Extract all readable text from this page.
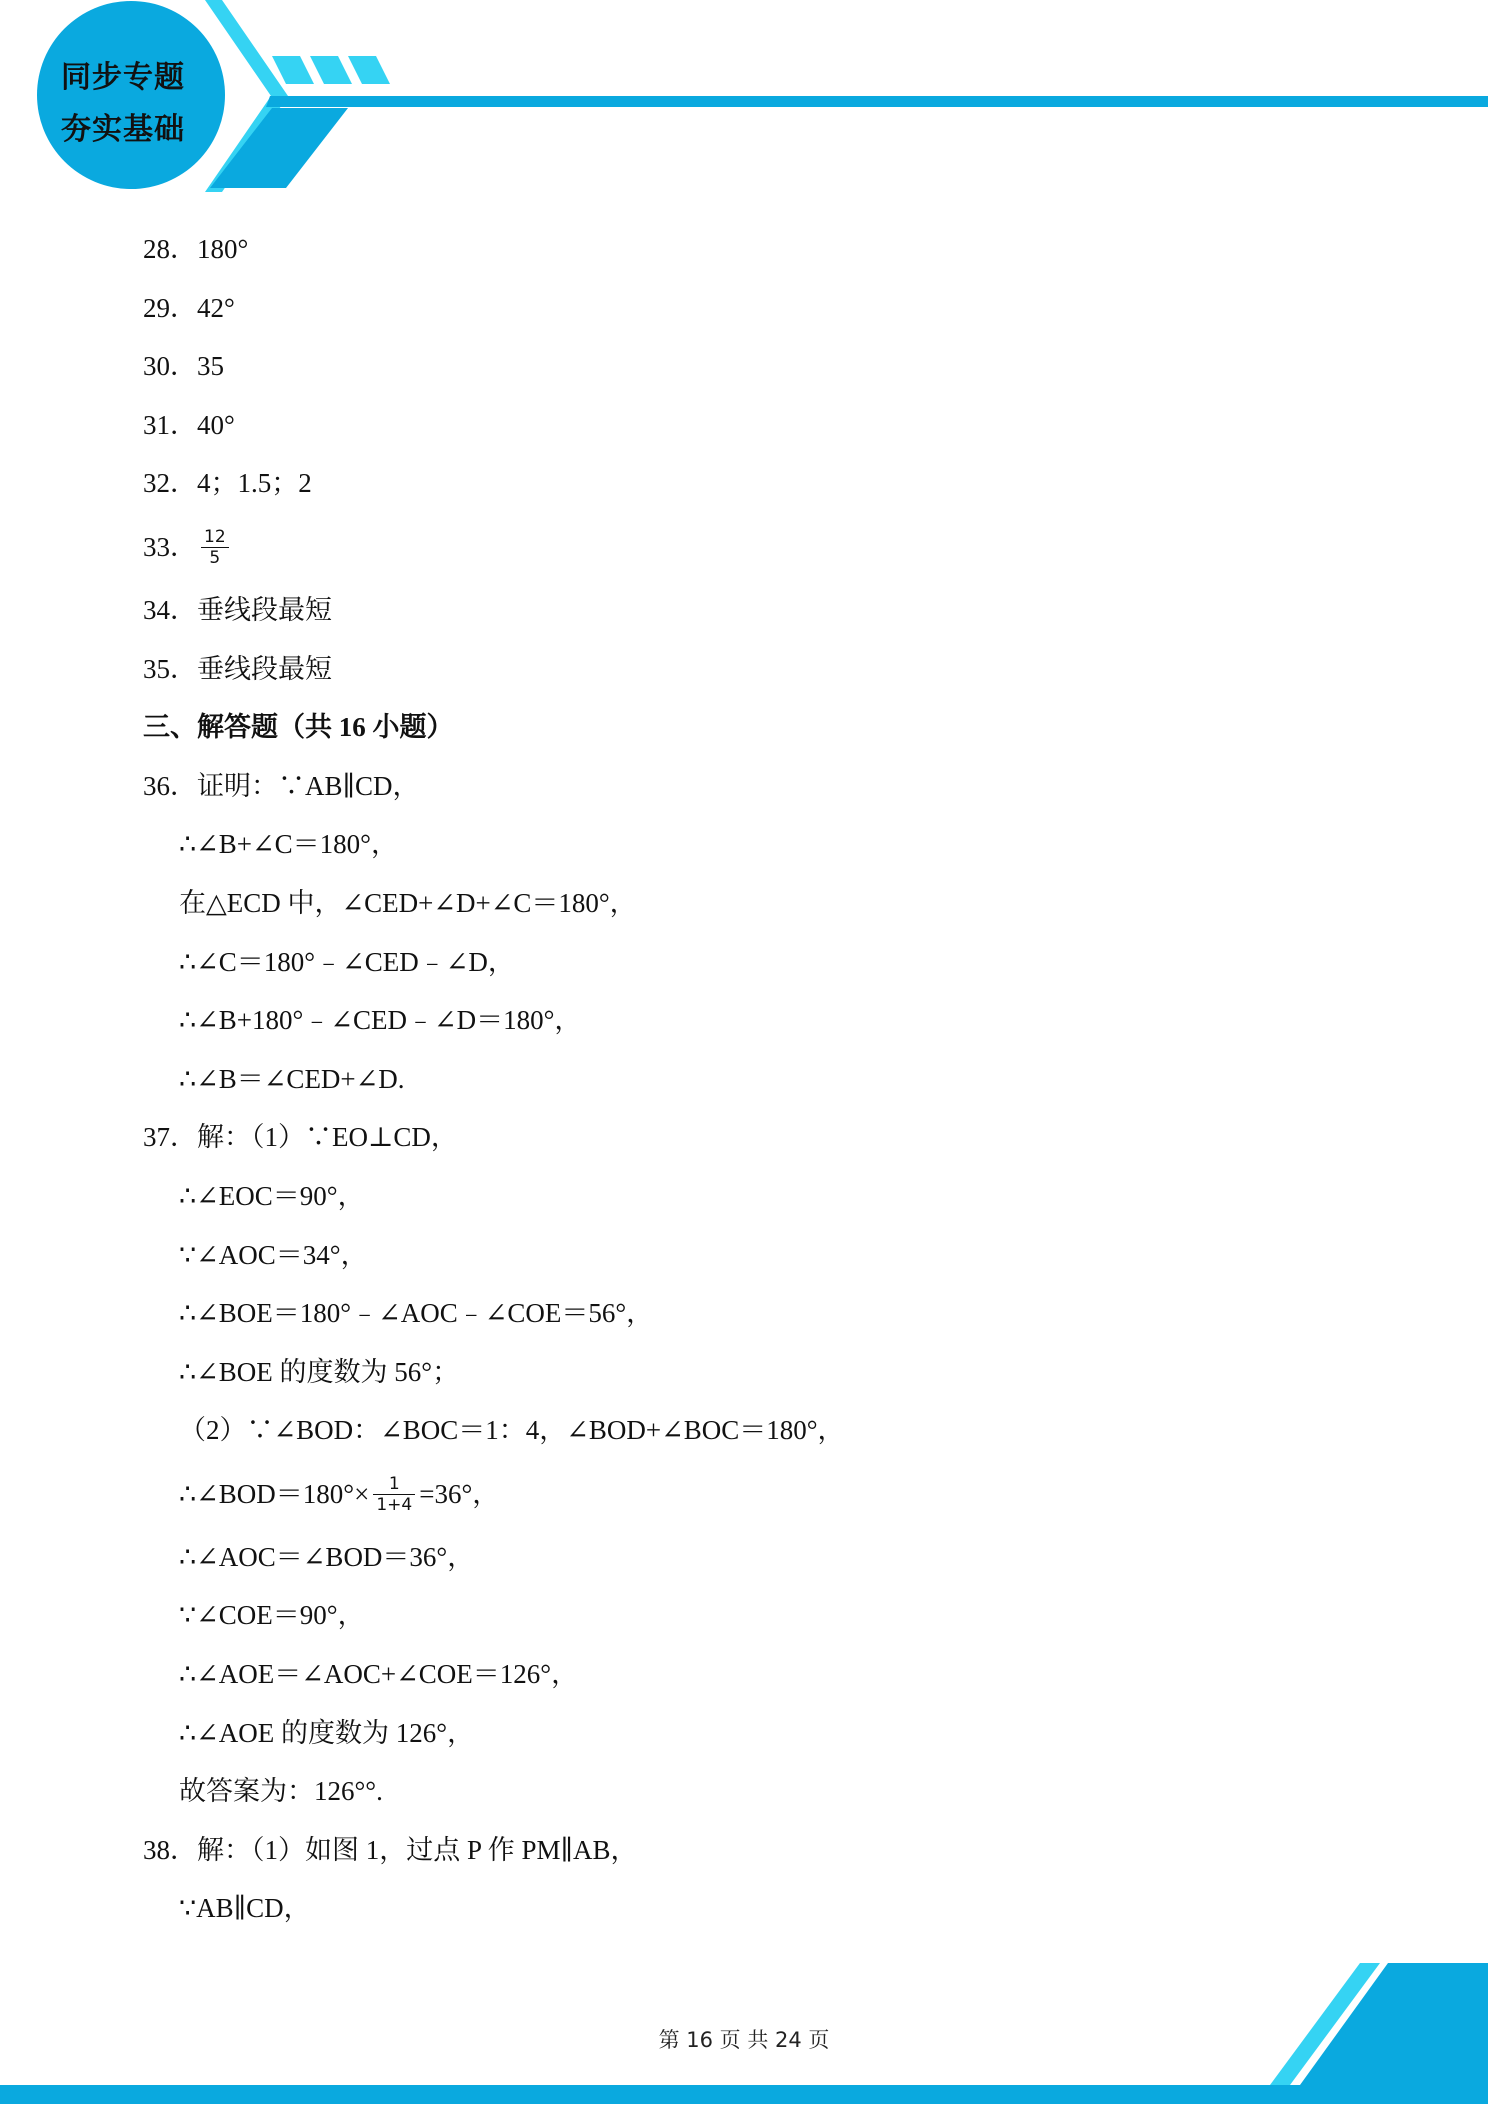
同步专题
夯实基础
28．180°
29．42°
30．35
31．40°
32．4；1.5；2
33． $\frac{12}{5}$
34．垂线段最短
35．垂线段最短
三、解答题（共 16 小题）
36．证明：∵AB∥CD，
∴∠B+∠C＝180°，
在△ECD 中，∠CED+∠D+∠C＝180°，
∴∠C＝180°﹣∠CED﹣∠D，
∴∠B+180°﹣∠CED﹣∠D＝180°，
∴∠B＝∠CED+∠D.
37．解：（1）∵EO⊥CD，
∴∠EOC＝90°，
∵∠AOC＝34°，
∴∠BOE＝180°﹣∠AOC﹣∠COE＝56°，
∴∠BOE 的度数为 56°；
（2）∵∠BOD：∠BOC＝1：4，∠BOD+∠BOC＝180°，
∴∠BOD＝180°× $\frac{1}{1+4} =36^\circ$，
∴∠AOC＝∠BOD＝36°，
∵∠COE＝90°，
∴∠AOE＝∠AOC+∠COE＝126°，
∴∠AOE 的度数为 126°，
故答案为：126°°.
38．解：（1）如图 1，过点 P 作 PM∥AB，
∵AB∥CD，
第 16 页 共 24 页
